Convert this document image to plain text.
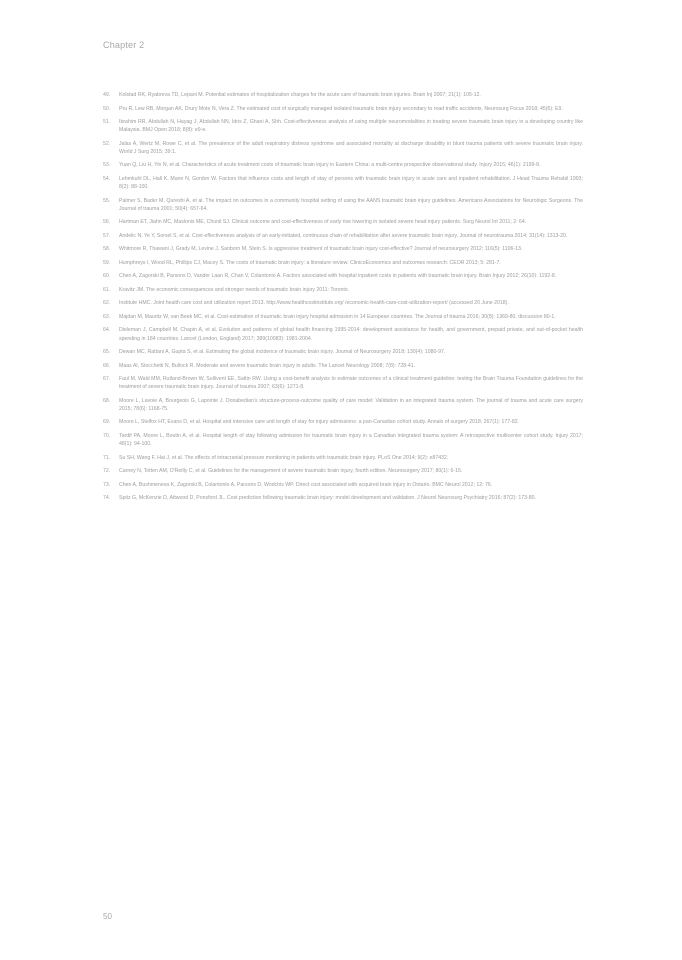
Chapter 2
49.	Kolstad RK, Ryabreva TD, Lepani M. Potential estimates of hospitalization charges for the acute care of traumatic brain injuries. Brain Inj 2007; 21(1): 105-12.
50.	Pru R, Lew RB, Morgan AK, Drury Mote N, Vera Z. The estimated cost of surgically managed isolated traumatic brain injury secondary to road traffic accidents. Neurosurg Focus 2018; 45(6): E9.
51.	Ibrahim RR, Abdullah N, Hayag J, Abdullah NN, Idris Z, Ghani A, Shh. Cost-effectiveness analysis of using multiple neuromodalities in treating severe traumatic brain injury in a developing country like Malaysia. BMJ Open 2018; 8(8): e9-e.
52.	Jalas A, Wertz M, Rowe C, et al. The prevalence of the adult respiratory distress syndrome and associated mortality at discharge disability in blunt trauma patients with severe traumatic brain injury. World J Surg 2015; 39:1.
53.	Yuan Q, Liu H, Yin N, et al. Characteristics of acute treatment costs of traumatic brain injury in Eastern China: a multi-centre prospective observational study. Injury 2015; 46(1): 2199-8.
54.	Lehmkuhl DL, Hall K, Mann N, Gordon W. Factors that influence costs and length of stay of persons with traumatic brain injury in acute care and inpatient rehabilitation. J Head Trauma Rehabil 1993; 8(2): 88-100.
55.	Palmer S, Bader M, Qureshi A, et al. The impact on outcomes in a community hospital setting of using the AANS traumatic brain injury guidelines. Americans Associations for Neurologic Surgeons. The Journal of trauma 2001; 50(4): 657-64.
56.	Hartman ET, Jiahn MC, Maslonis ME, Chunil SJ. Clinical outcome and cost-effectiveness of early rise lowering in isolated severe head injury patients. Surg Neurol Int 2011; 2: 64.
57.	Andelic N, Ye Y, Sorsel S, et al. Cost-effectiveness analysis of an early-initiated, continuous chain of rehabilitation after severe traumatic brain injury. Journal of neurotrauma 2014; 31(14): 1313-20.
58.	Whitmore R, Thawani J, Grady M, Levine J, Sanborn M, Stein S. Is aggressive treatment of traumatic brain injury cost-effective? Journal of neurosurgery 2012; 116(5): 1106-13.
59.	Humphreys I, Wood RL, Phillips CJ, Macey S. The costs of traumatic brain injury: a literature review. ClinicoEconomics and outcomes research: CEOR 2013; 5: 281-7.
60.	Chen A, Zagorski B, Parsons D, Vander Laan R, Chan V, Colantonio A. Factors associated with hospital inpatient costs in patients with traumatic brain injury. Brain Injury 2012; 26(10): 1192-8.
61.	Kravitz JM. The economic consequences and stronger needs of traumatic brain injury 2011: Toronto.
62.	Institute HMC. Joint health care cost and utilization report 2013. http://www.healthcostinstitute.org/ /economic-health-care-cost-utilization-report/ (accessed 20 June 2018).
63.	Majdan M, Mauritz W, van Beek MC, et al. Cost-estimation of traumatic brain injury hospital admission in 14 European countries. The Journal of trauma 2016; 30(8): 1369-80. discussion 80-1.
64.	Dieleman J, Campbell M, Chapin A, et al. Evolution and patterns of global health financing 1995-2014: development assistance for health, and government, prepaid private, and out-of-pocket health spending in 184 countries. Lancet (London, England) 2017; 389(10083): 1981-2004.
65.	Dewan MC, Rattani A, Gupta S, et al. Estimating the global incidence of traumatic brain injury. Journal of Neurosurgery 2018; 130(4): 1080-97.
66.	Maas AI, Stocchetti N, Bullock R. Moderate and severe traumatic brain injury in adults. The Lancet Neurology 2008; 7(8): 728-41.
67.	Faul M, Wald MM, Rutland-Brown W, Sullivent EE, Sattin RW. Using a cost-benefit analysis to estimate outcomes of a clinical treatment guideline: testing the Brain Trauma Foundation guidelines for the treatment of severe traumatic brain injury. Journal of trauma 2007; 63(6): 1271-8.
68.	Moore L, Lavoie A, Bourgeois G, Lapointe J. Donabedian's structure-process-outcome quality of care model: Validation in an integrated trauma system. The journal of trauma and acute care surgery 2015; 78(6): 1168-75.
69.	Moore L, Stelfox HT, Evans D, et al. Hospital and intensive care unit length of stay for injury admissions: a pan-Canadian cohort study. Annals of surgery 2018; 267(1): 177-82.
70.	Tardif PA, Moore L, Boutin A, et al. Hospital length of stay following admission for traumatic brain injury in a Canadian integrated trauma system: A retrospective multicenter cohort study. Injury 2017; 48(1): 94-100.
71.	Su SH, Wang F, Hai J, et al. The effects of intracranial pressure monitoring in patients with traumatic brain injury. PLoS One 2014; 9(2): e87432.
72.	Carney N, Totten AM, O'Reilly C, et al. Guidelines for the management of severe traumatic brain injury, fourth edition. Neurosurgery 2017; 80(1): 6-15.
73.	Chen A, Bushmeneva K, Zagorski B, Colantonio A, Parsons D, Wodchis WP. Direct cost associated with acquired brain injury in Ontario. BMC Neurol 2012; 12: 76.
74.	Spitz G, McKenzie D, Attwood D, Ponsford JL. Cost prediction following traumatic brain injury: model development and validation. J Neurol Neurosurg Psychiatry 2016; 87(2): 173-80.
50
